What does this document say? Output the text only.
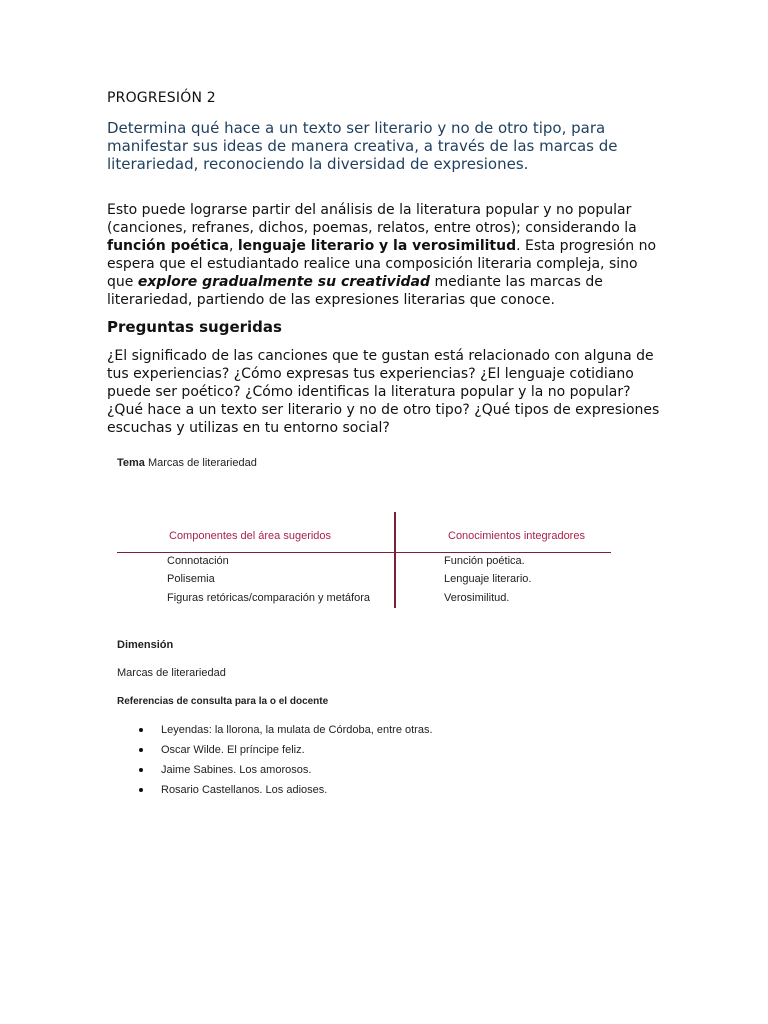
PROGRESIÓN 2
Determina qué hace a un texto ser literario y no de otro tipo, para manifestar sus ideas de manera creativa, a través de las marcas de literariedad, reconociendo la diversidad de expresiones.
Esto puede lograrse partir del análisis de la literatura popular y no popular (canciones, refranes, dichos, poemas, relatos, entre otros); considerando la función poética, lenguaje literario y la verosimilitud. Esta progresión no espera que el estudiantado realice una composición literaria compleja, sino que explore gradualmente su creatividad mediante las marcas de literariedad, partiendo de las expresiones literarias que conoce.
Preguntas sugeridas
¿El significado de las canciones que te gustan está relacionado con alguna de tus experiencias? ¿Cómo expresas tus experiencias? ¿El lenguaje cotidiano puede ser poético? ¿Cómo identificas la literatura popular y la no popular? ¿Qué hace a un texto ser literario y no de otro tipo? ¿Qué tipos de expresiones escuchas y utilizas en tu entorno social?
Tema Marcas de literariedad
Componentes del área sugeridos	Conocimientos integradores
Connotación
Polisemia
Figuras retóricas/comparación y metáfora
Función poética.
Lenguaje literario.
Verosimilitud.
Dimensión
Marcas de literariedad
Referencias de consulta para la o el docente
Leyendas: la llorona, la mulata de Córdoba, entre otras.
Oscar Wilde. El príncipe feliz.
Jaime Sabines. Los amorosos.
Rosario Castellanos. Los adioses.
